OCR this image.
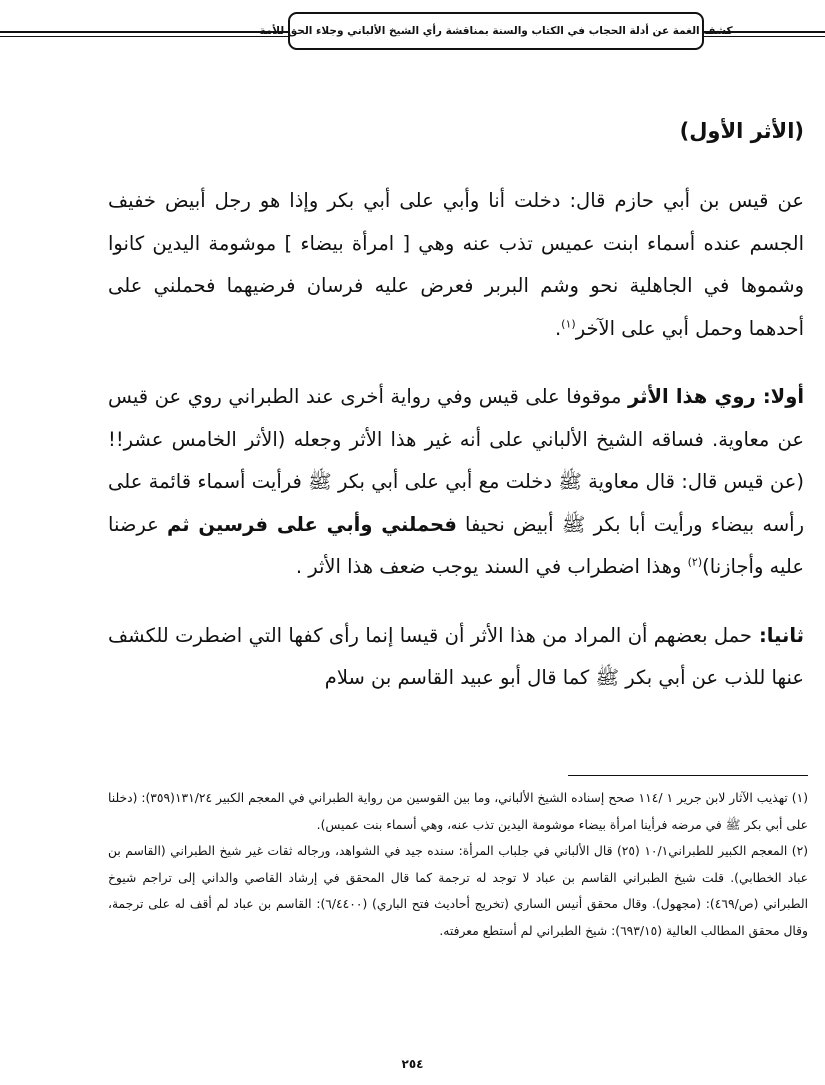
كشف الغمة عن أدلة الحجاب في الكتاب والسنة بمناقشة رأي الشيخ الألباني وجلاء الحق للأمة

(الأثر الأول)

عن قيس بن أبي حازم قال: دخلت أنا وأبي على أبي بكر وإذا هو رجل أبيض خفيف الجسم عنده أسماء ابنت عميس تذب عنه وهي [ امرأة بيضاء ] موشومة اليدين كانوا وشموها في الجاهلية نحو وشم البربر فعرض عليه فرسان فرضيهما فحملني على أحدهما وحمل أبي على الآخر$^{(١)}$.

أولا: روي هذا الأثر موقوفا على قيس وفي رواية أخرى عند الطبراني روي عن قيس عن معاوية. فساقه الشيخ الألباني على أنه غير هذا الأثر وجعله (الأثر الخامس عشر!! (عن قيس قال: قال معاوية ﷺ دخلت مع أبي على أبي بكر ﷺ فرأيت أسماء قائمة على رأسه بيضاء ورأيت أبا بكر ﷺ أبيض نحيفا فحملني وأبي على فرسين ثم عرضنا عليه وأجازنا)$^{(٢)}$ وهذا اضطراب في السند يوجب ضعف هذا الأثر .

ثانيا: حمل بعضهم أن المراد من هذا الأثر أن قيسا إنما رأى كفها التي اضطرت للكشف عنها للذب عن أبي بكر ﷺ كما قال أبو عبيد القاسم بن سلام

(١) تهذيب الآثار لابن جرير ١ /١١٤ صحح إسناده الشيخ الألباني، وما بين القوسين من رواية الطبراني في المعجم الكبير ١٣١/٢٤(٣٥٩): (دخلنا على أبي بكر ﷺ في مرضه فرأينا امرأة بيضاء موشومة اليدين تذب عنه، وهي أسماء بنت عميس).

(٢) المعجم الكبير للطبراني١٠/١ (٢٥) قال الألباني في جلباب المرأة: سنده جيد في الشواهد، ورجاله ثقات غير شيخ الطبراني (القاسم بن عباد الخطابي). قلت شيخ الطبراني القاسم بن عباد لا توجد له ترجمة كما قال المحقق في إرشاد القاصي والداني إلى تراجم شيوخ الطبراني (ص/٤٦٩): (مجهول). وقال محقق أنيس الساري (تخريج أحاديث فتح الباري) (٦/٤٤٠٠): القاسم بن عباد لم أقف له على ترجمة، وقال محقق المطالب العالية (٦٩٣/١٥): شيخ الطبراني لم أستطع معرفته.

٢٥٤
